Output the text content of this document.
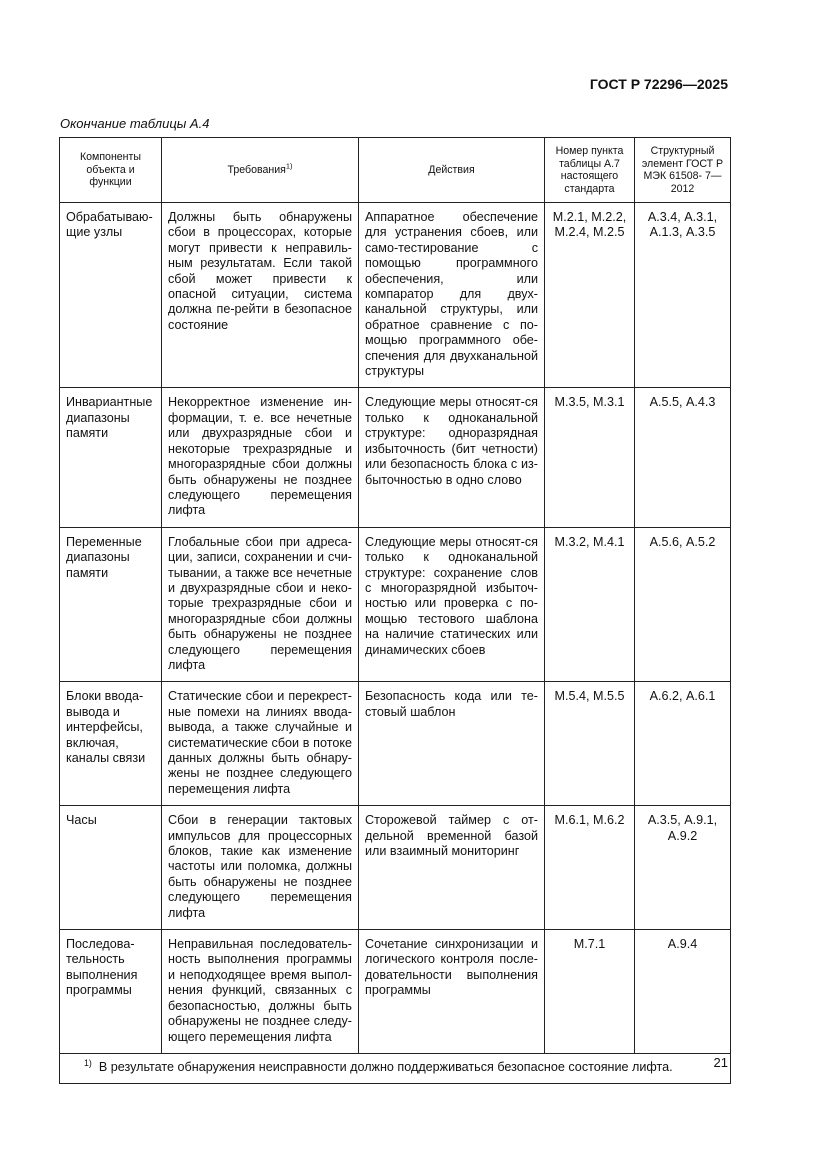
ГОСТ Р 72296—2025
Окончание таблицы А.4
Компоненты объекта и функции	Требования$^{1)}$	Действия	Номер пункта таблицы А.7 настоящего стандарта	Структурный элемент ГОСТ Р МЭК 61508- 7—2012
Обрабатываю-щие узлы	Должны быть обнаружены сбои в процессорах, которые могут привести к неправиль-ным результатам. Если такой сбой может привести к опасной ситуации, система должна пе-рейти в безопасное состояние	Аппаратное обеспечение для устранения сбоев, или само-тестирование с помощью программного обеспечения, или компаратор для двух-канальной структуры, или обратное сравнение с по-мощью программного обе-спечения для двухканальной структуры	М.2.1, М.2.2, М.2.4, М.2.5	А.3.4, А.3.1, А.1.3, А.3.5
Инвариантные диапазоны памяти	Некорректное изменение ин-формации, т. е. все нечетные или двухразрядные сбои и некоторые трехразрядные и многоразрядные сбои должны быть обнаружены не позднее следующего перемещения лифта	Следующие меры относят-ся только к одноканальной структуре: одноразрядная избыточность (бит четности) или безопасность блока с из-быточностью в одно слово	М.3.5, М.3.1	А.5.5, А.4.3
Переменные диапазоны памяти	Глобальные сбои при адреса-ции, записи, сохранении и счи-тывании, а также все нечетные и двухразрядные сбои и неко-торые трехразрядные сбои и многоразрядные сбои должны быть обнаружены не позднее следующего перемещения лифта	Следующие меры относят-ся только к одноканальной структуре: сохранение слов с многоразрядной избыточ-ностью или проверка с по-мощью тестового шаблона на наличие статических или динамических сбоев	М.3.2, М.4.1	А.5.6, А.5.2
Блоки ввода-вывода и интерфейсы, включая, каналы связи	Статические сбои и перекрест-ные помехи на линиях ввода-вывода, а также случайные и систематические сбои в потоке данных должны быть обнару-жены не позднее следующего перемещения лифта	Безопасность кода или те-стовый шаблон	М.5.4, М.5.5	А.6.2, А.6.1
Часы	Сбои в генерации тактовых импульсов для процессорных блоков, такие как изменение частоты или поломка, должны быть обнаружены не позднее следующего перемещения лифта	Сторожевой таймер с от-дельной временной базой или взаимный мониторинг	М.6.1, М.6.2	А.3.5, А.9.1, А.9.2
Последова-тельность выполнения программы	Неправильная последователь-ность выполнения программы и неподходящее время выпол-нения функций, связанных с безопасностью, должны быть обнаружены не позднее следу-ющего перемещения лифта	Сочетание синхронизации и логического контроля после-довательности выполнения программы	М.7.1	А.9.4
$^{1)}$ В результате обнаружения неисправности должно поддерживаться безопасное состояние лифта.					21
